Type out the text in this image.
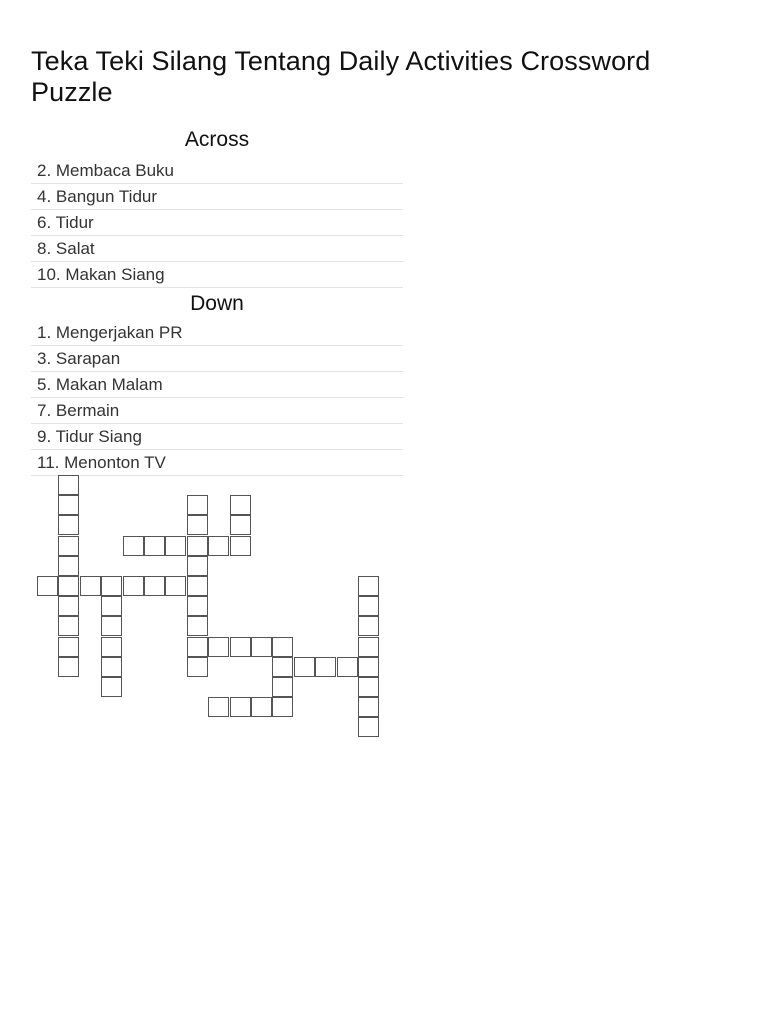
Teka Teki Silang Tentang Daily Activities Crossword Puzzle
Across
2. Membaca Buku
4. Bangun Tidur
6. Tidur
8. Salat
10. Makan Siang
Down
1. Mengerjakan PR
3. Sarapan
5. Makan Malam
7. Bermain
9. Tidur Siang
11. Menonton TV
